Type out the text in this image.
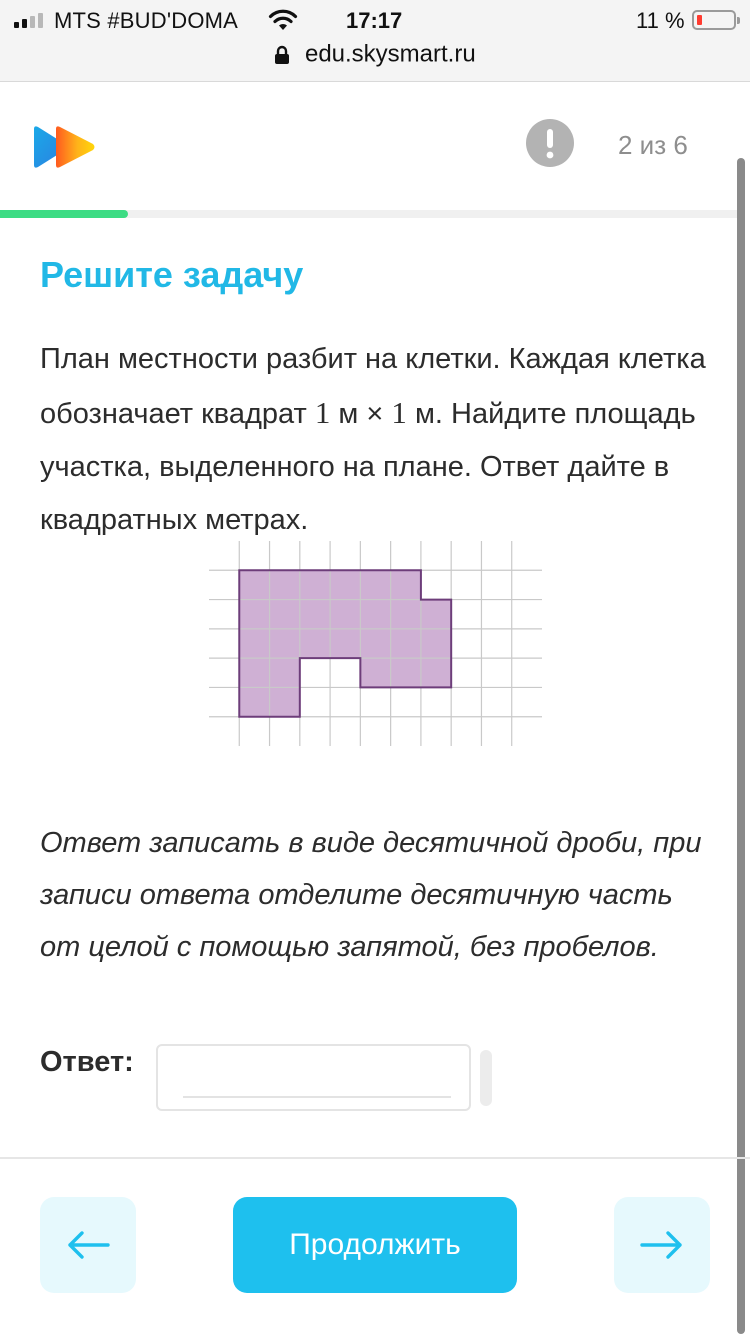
MTS #BUD'DOMA	17:17	11 %
edu.skysmart.ru
2 из 6
Решите задачу

План местности разбит на клетки. Каждая клетка обозначает квадрат 1 м × 1 м. Найдите площадь участка, выделенного на плане. Ответ дайте в квадратных метрах.

Ответ записать в виде десятичной дроби, при записи ответа отделите десятичную часть от целой с помощью запятой, без пробелов.

Ответ:
Продолжить
